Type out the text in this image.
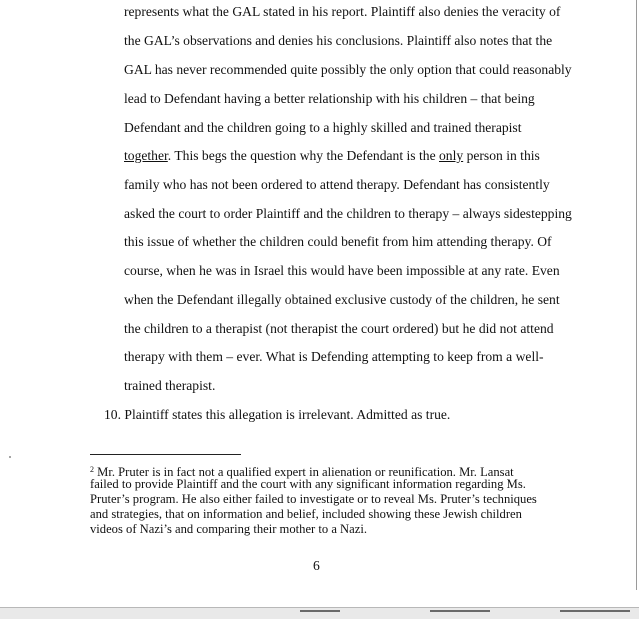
represents what the GAL stated in his report. Plaintiff also denies the veracity of
the GAL’s observations and denies his conclusions. Plaintiff also notes that the
GAL has never recommended quite possibly the only option that could reasonably
lead to Defendant having a better relationship with his children – that being
Defendant and the children going to a highly skilled and trained therapist
together. This begs the question why the Defendant is the only person in this
family who has not been ordered to attend therapy. Defendant has consistently
asked the court to order Plaintiff and the children to therapy – always sidestepping
this issue of whether the children could benefit from him attending therapy. Of
course, when he was in Israel this would have been impossible at any rate. Even
when the Defendant illegally obtained exclusive custody of the children, he sent
the children to a therapist (not therapist the court ordered) but he did not attend
therapy with them – ever. What is Defending attempting to keep from a well-
trained therapist.
10. Plaintiff states this allegation is irrelevant. Admitted as true.
$^2$ Mr. Pruter is in fact not a qualified expert in alienation or reunification. Mr. Lansat
failed to provide Plaintiff and the court with any significant information regarding Ms.
Pruter’s program. He also either failed to investigate or to reveal Ms. Pruter’s techniques
and strategies, that on information and belief, included showing these Jewish children
videos of Nazi’s and comparing their mother to a Nazi.
6
